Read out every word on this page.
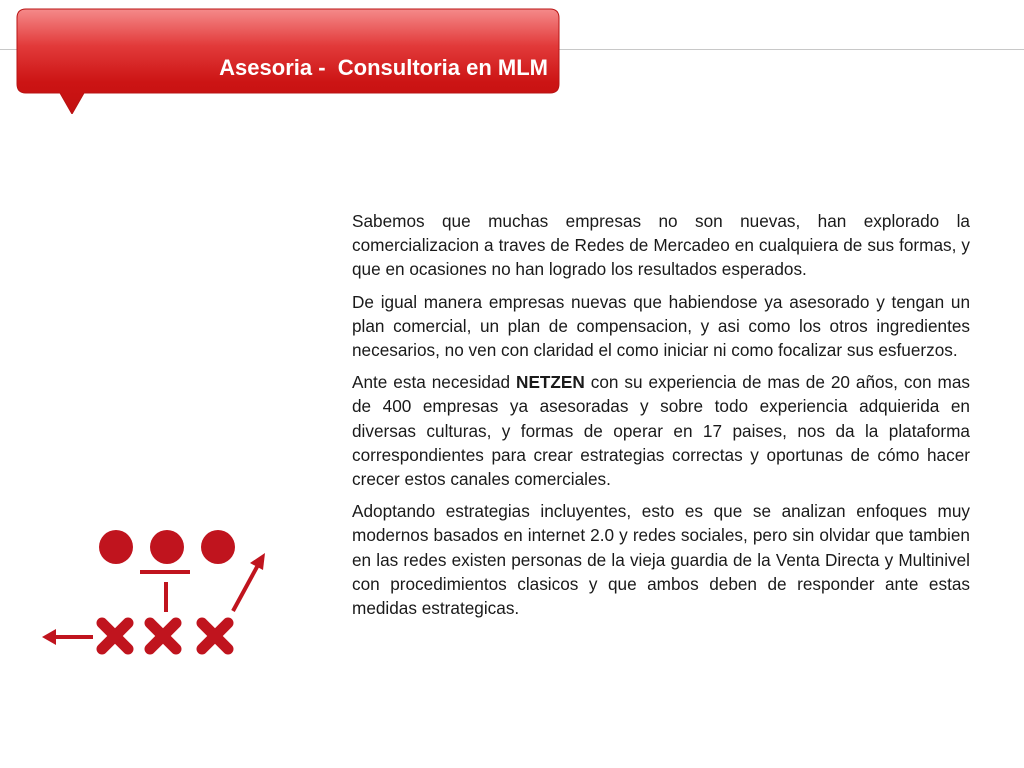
Asesoria -  Consultoria en MLM

Sabemos que muchas empresas no son nuevas, han explorado la comercializacion a traves de Redes de Mercadeo en cualquiera de sus formas, y que en ocasiones no han logrado los resultados esperados.

De igual manera empresas nuevas que habiendose ya asesorado y tengan un plan comercial, un plan de compensacion, y asi como los otros ingredientes necesarios, no ven con claridad el como iniciar ni como focalizar sus esfuerzos.

Ante esta necesidad NETZEN con su experiencia de mas de 20 años, con mas de 400 empresas ya asesoradas y sobre todo experiencia adquierida en diversas culturas, y formas de operar en 17 paises, nos da la plataforma correspondientes para crear estrategias correctas y oportunas de cómo hacer crecer estos canales comerciales.

Adoptando estrategias incluyentes, esto es que se analizan enfoques muy modernos basados en internet 2.0 y redes sociales, pero sin olvidar que tambien en las redes existen personas de la vieja guardia de la Venta Directa y Multinivel con procedimientos clasicos y que ambos deben de responder ante estas medidas estrategicas.
